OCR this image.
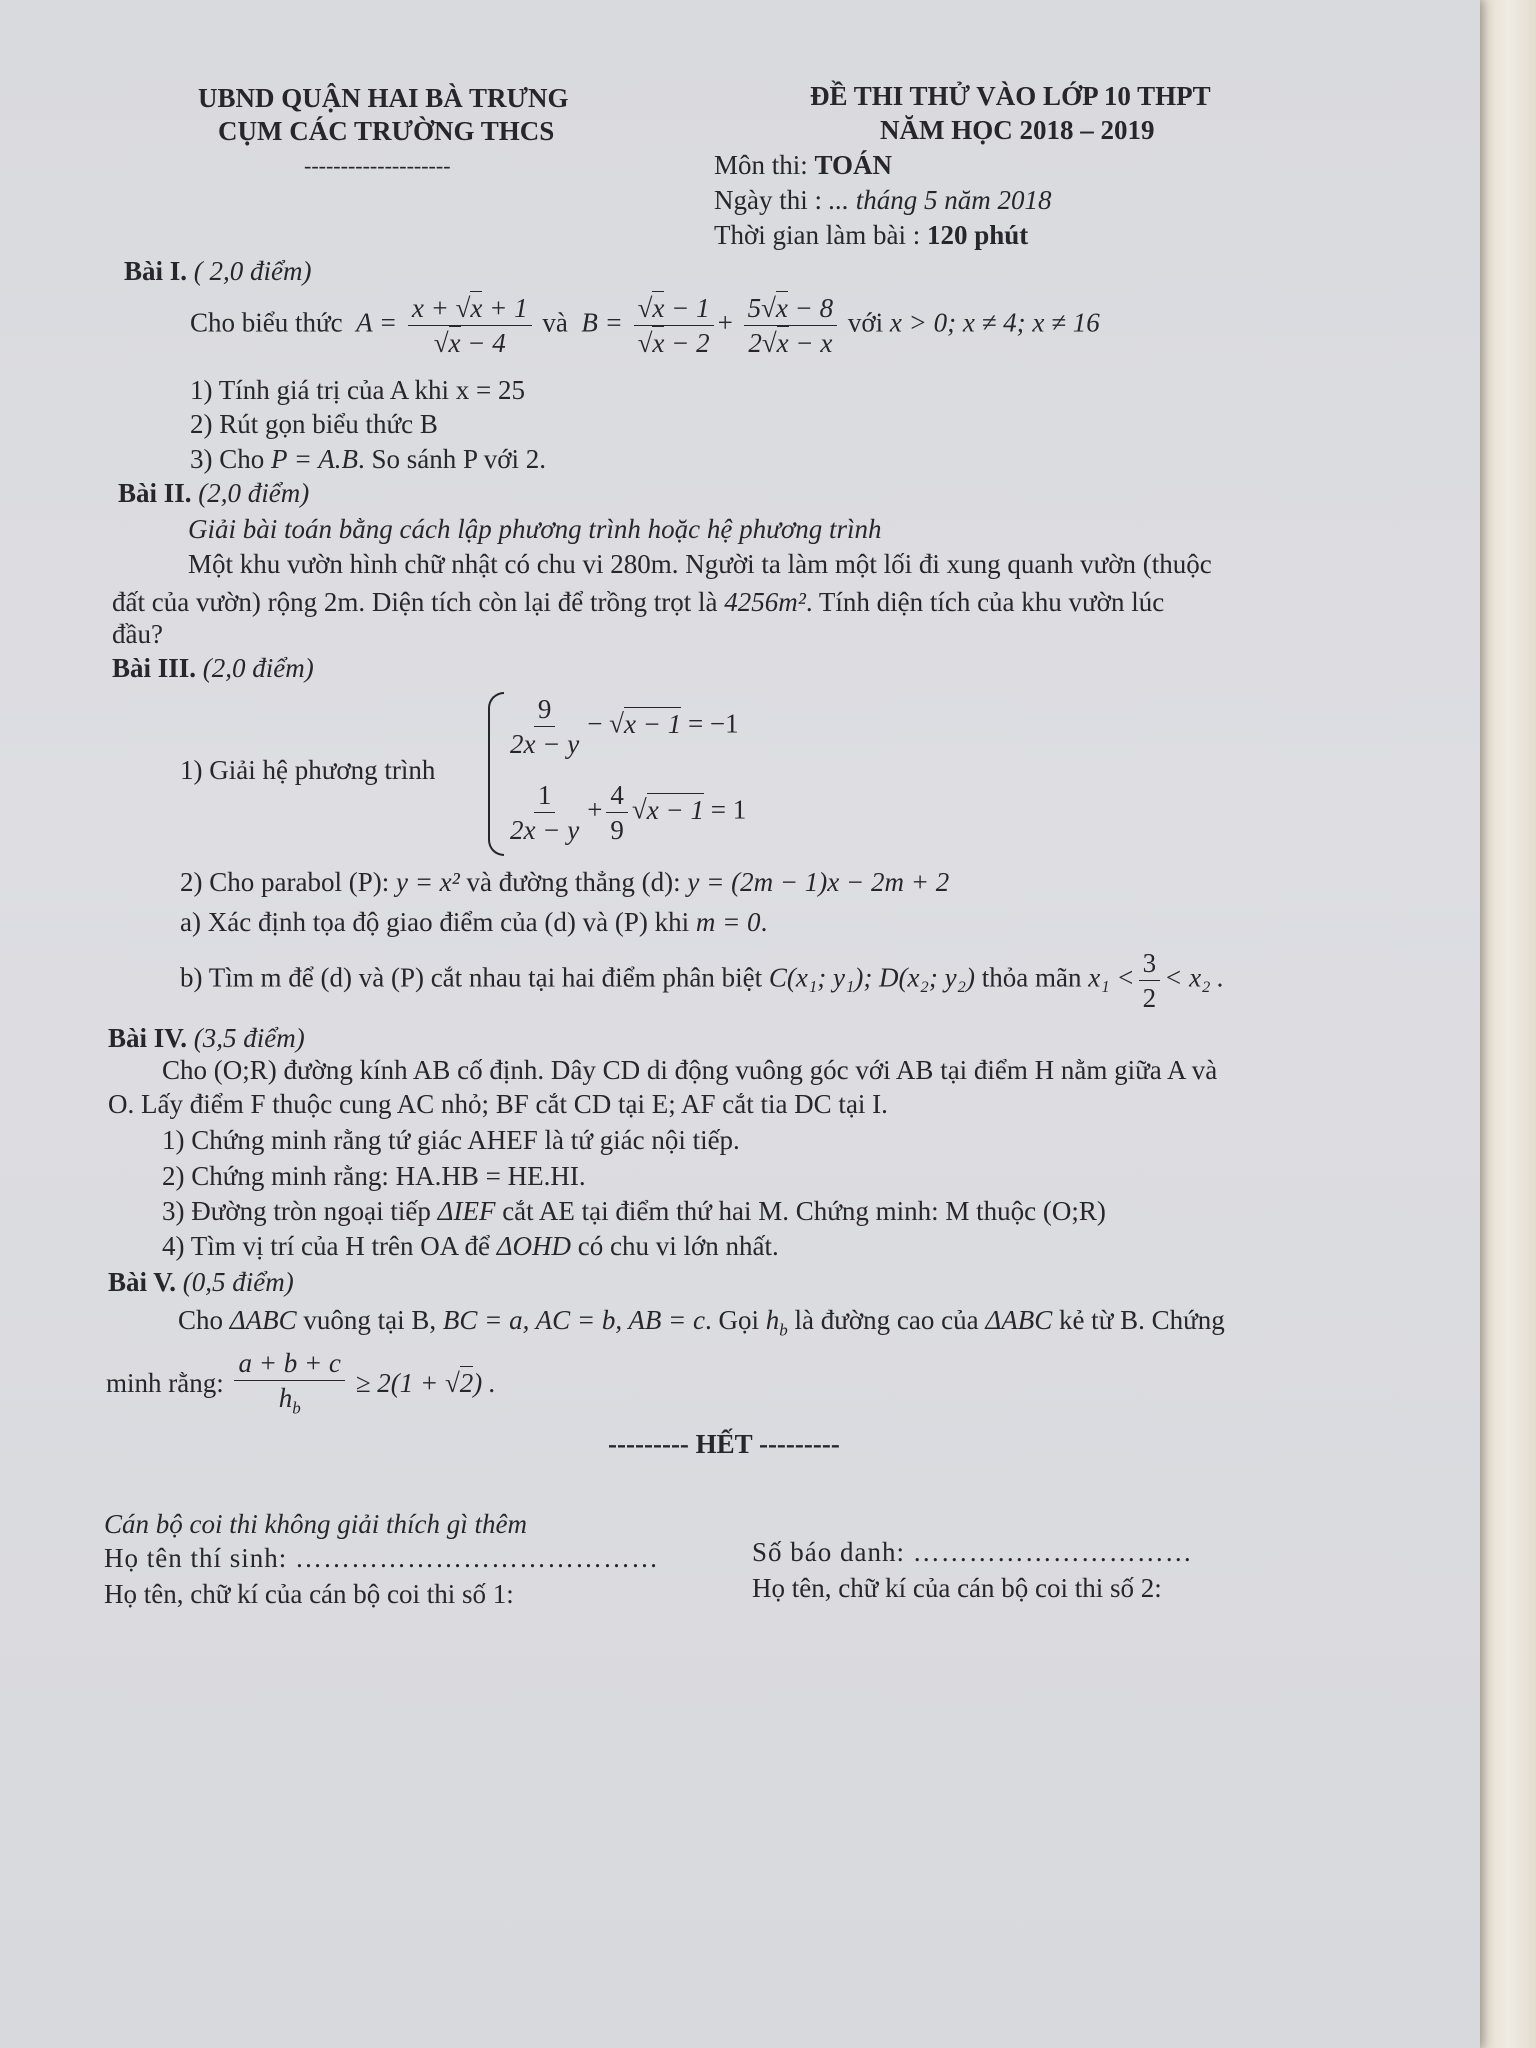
UBND QUẬN HAI BÀ TRƯNG
CỤM CÁC TRƯỜNG THCS
--------------------
ĐỀ THI THỬ VÀO LỚP 10 THPT
NĂM HỌC 2018 – 2019
Môn thi: TOÁN
Ngày thi : ... tháng 5 năm 2018
Thời gian làm bài : 120 phút
Bài I. ( 2,0 điểm)
Cho biểu thức  $A = \frac{x + √x + 1}{√x - 4}$ và  $B = \frac{√x - 1}{√x - 2} + \frac{5√x - 8}{2√x - x}$ với x > 0; x ≠ 4; x ≠ 16
1) Tính giá trị của A khi x = 25
2) Rút gọn biểu thức B
3) Cho P = A.B. So sánh P với 2.
Bài II. (2,0 điểm)
Giải bài toán bằng cách lập phương trình hoặc hệ phương trình
Một khu vườn hình chữ nhật có chu vi 280m. Người ta làm một lối đi xung quanh vườn (thuộc
đất của vườn) rộng 2m. Diện tích còn lại để trồng trọt là 4256m². Tính diện tích của khu vườn lúc
đầu?
Bài III. (2,0 điểm)
1) Giải hệ phương trình
$\frac{9}{2x - y} - √x - 1 = -1$
$\frac{1}{2x - y} + \frac{4}{9} √x - 1 = 1$
2) Cho parabol (P): y = x² và đường thẳng (d): y = (2m − 1)x − 2m + 2
a) Xác định tọa độ giao điểm của (d) và (P) khi m = 0.
b) Tìm m để (d) và (P) cắt nhau tại hai điểm phân biệt C(x₁; y₁); D(x₂; y₂) thỏa mãn $x_1 < \frac{3}{2} < x_2$ .
Bài IV. (3,5 điểm)
Cho (O;R) đường kính AB cố định. Dây CD di động vuông góc với AB tại điểm H nằm giữa A và
O. Lấy điểm F thuộc cung AC nhỏ; BF cắt CD tại E; AF cắt tia DC tại I.
1) Chứng minh rằng tứ giác AHEF là tứ giác nội tiếp.
2) Chứng minh rằng: HA.HB = HE.HI.
3) Đường tròn ngoại tiếp ΔIEF cắt AE tại điểm thứ hai M. Chứng minh: M thuộc (O;R)
4) Tìm vị trí của H trên OA để ΔOHD có chu vi lớn nhất.
Bài V. (0,5 điểm)
Cho ΔABC vuông tại B, BC = a, AC = b, AB = c. Gọi $h_b$ là đường cao của ΔABC kẻ từ B. Chứng
minh rằng: $\frac{a + b + c}{h_b} \ge 2(1 + √2)$ .
--------- HẾT ---------
Cán bộ coi thi không giải thích gì thêm
Họ tên thí sinh: …………………………………	Số báo danh: …………………………
Họ tên, chữ kí của cán bộ coi thi số 1:	Họ tên, chữ kí của cán bộ coi thi số 2:
